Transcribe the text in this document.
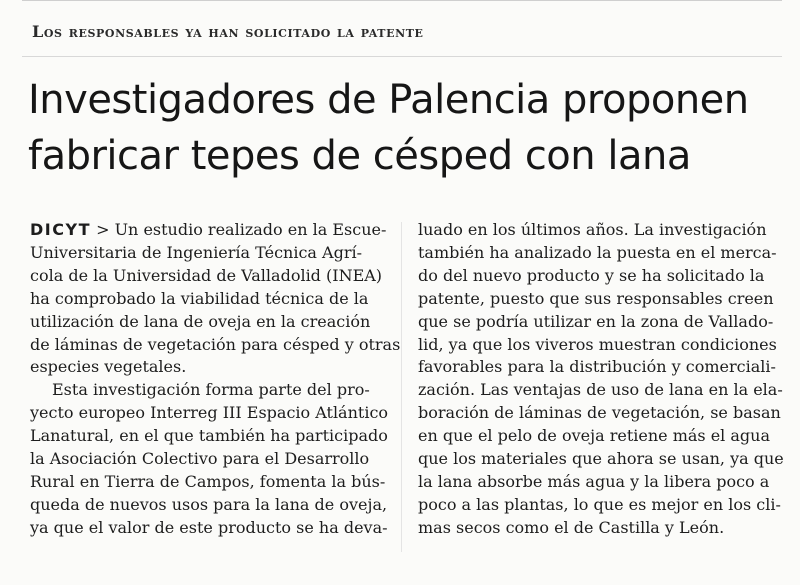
Los responsables ya han solicitado la patente
Investigadores de Palencia proponen
fabricar tepes de césped con lana
DICYT > Un estudio realizado en la Escue-
Universitaria de Ingeniería Técnica Agrí-
cola de la Universidad de Valladolid (INEA)
ha comprobado la viabilidad técnica de la
utilización de lana de oveja en la creación
de láminas de vegetación para césped y otras
especies vegetales.
Esta investigación forma parte del pro-
yecto europeo Interreg III Espacio Atlántico
Lanatural, en el que también ha participado
la Asociación Colectivo para el Desarrollo
Rural en Tierra de Campos, fomenta la bús-
queda de nuevos usos para la lana de oveja,
ya que el valor de este producto se ha deva-
luado en los últimos años. La investigación
también ha analizado la puesta en el merca-
do del nuevo producto y se ha solicitado la
patente, puesto que sus responsables creen
que se podría utilizar en la zona de Vallado-
lid, ya que los viveros muestran condiciones
favorables para la distribución y comerciali-
zación. Las ventajas de uso de lana en la ela-
boración de láminas de vegetación, se basan
en que el pelo de oveja retiene más el agua
que los materiales que ahora se usan, ya que
la lana absorbe más agua y la libera poco a
poco a las plantas, lo que es mejor en los cli-
mas secos como el de Castilla y León.
